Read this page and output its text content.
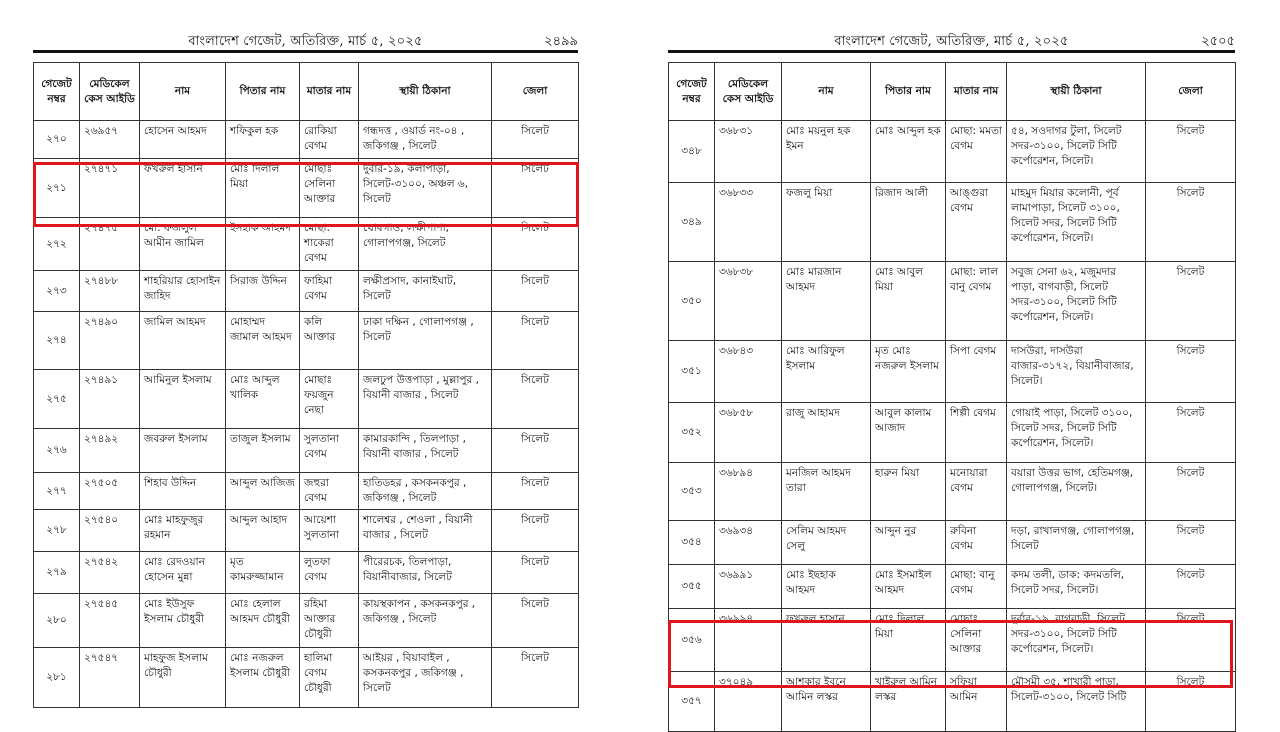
বাংলাদেশ গেজেট, অতিরিক্ত, মার্চ ৫, ২০২৫	২৪৯৯
গেজেট নম্বর	মেডিকেল কেস আইডি	নাম	পিতার নাম	মাতার নাম	স্থায়ী ঠিকানা	জেলা
২৭০	২৬৯৫৭	হোসেন আহমদ	শফিকুল হক	রোকিয়া বেগম	গন্ধদত্ত , ওয়ার্ড নং-০৪ , জকিগঞ্জ , সিলেট	সিলেট
২৭১	২৭৪৭১	ফখরুল হাসান	মোঃ দিলাল মিয়া	মোছাঃ সেলিনা আক্তার	দুর্বার-১৯, কলাপাড়া, সিলেট-৩১০০, অঞ্চল ৬, সিলেট	সিলেট
২৭২	২৭৪৭৫	মো: ফজলুল আমীন জামিল	ইসহাক আহমদ	মোছা: শাকেরা বেগম	ঘোষগাও, লক্ষীপাশা, গোলাপগঞ্জ, সিলেট	সিলেট
২৭৩	২৭৪৮৮	শাহরিয়ার হোসাইন জাহিদ	সিরাজ উদ্দিন	ফাহিমা বেগম	লক্ষীপ্রসাদ, কানাইঘাট, সিলেট	সিলেট
২৭৪	২৭৪৯০	জামিল আহমদ	মোহাম্মদ জামাল আহমদ	কলি আক্তার	ঢাকা দক্ষিন , গোলাপগঞ্জ , সিলেট	সিলেট
২৭৫	২৭৪৯১	আমিনুল ইসলাম	মোঃ আব্দুল খালিক	মোছাঃ ফয়জুন নেছা	জলঢুপ উত্তপাড়া , মুল্লাপুর , বিয়ানী বাজার , সিলেট	সিলেট
২৭৬	২৭৪৯২	জবরুল ইসলাম	তাজুল ইসলাম	সুলতানা বেগম	কামারকান্দি , তিলপাড়া , বিয়ানী বাজার , সিলেট	সিলেট
২৭৭	২৭৫০৫	শিহাব উদ্দিন	আব্দুল আজিজ	জহুরা বেগম	হাতিডহর , কসকনকপুর , জকিগঞ্জ , সিলেট	সিলেট
২৭৮	২৭৫৪০	মোঃ মাহফুজুর রহমান	আব্দুল আহাদ	আয়েশা সুলতানা	শালেশ্বর , শেওলা , বিয়ানী বাজার , সিলেট	সিলেট
২৭৯	২৭৫৪২	মোঃ রেদওয়ান হোসেন মুন্না	মৃত কামরুজ্জামান	লুতফা বেগম	পীরেরচক, তিলপাড়া, বিয়ানীবাজার, সিলেট	সিলেট
২৮০	২৭৫৪৫	মোঃ ইউসুফ ইসলাম চৌধুরী	মোঃ হেলাল আহমদ চৌধুরী	রহিমা আক্তার চৌধুরী	কায়স্থকাপন , কসকনকপুর , জকিগঞ্জ , সিলেট	সিলেট
২৮১	২৭৫৪৭	মাহফুজ ইসলাম চৌধুরী	মোঃ নজরুল ইসলাম চৌধুরী	হালিমা বেগম চৌধুরী	আইয়র , বিয়াবাইল , কসকনকপুর , জকিগঞ্জ , সিলেট	সিলেট
বাংলাদেশ গেজেট, অতিরিক্ত, মার্চ ৫, ২০২৫	২৫০৫
গেজেট নম্বর	মেডিকেল কেস আইডি	নাম	পিতার নাম	মাতার নাম	স্থায়ী ঠিকানা	জেলা
৩৪৮	৩৬৮৩১	মোঃ ময়নুল হক ইমন	মোঃ আব্দুল হক	মোছা: মমতা বেগম	৫৪, সওদাগর টুলা, সিলেট সদর-৩১০০, সিলেট সিটি কর্পোরেশন, সিলেট।	সিলেট
৩৪৯	৩৬৮৩৩	ফজলু মিয়া	রিজাদ আলী	আঙ্গুরা বেগম	মাহমুদ মিয়ার কলোনী, পূর্ব লামাপাড়া, সিলেট ৩১০০, সিলেট সদর, সিলেট সিটি কর্পোরেশন, সিলেট।	সিলেট
৩৫০	৩৬৮৩৮	মোঃ মারজান আহমদ	মোঃ আবুল মিয়া	মোছা: লাল বানু বেগম	সবুজ সেনা ৬২, মজুমদার পাড়া, বাগবাড়ী, সিলেট সদর-৩১০০, সিলেট সিটি কর্পোরেশন, সিলেট।	সিলেট
৩৫১	৩৬৮৪৩	মোঃ আরিফুল ইসলাম	মৃত মোঃ নজরুল ইসলাম	সিপা বেগম	দাসউরা, দাসউরা বাজার-৩১৭২, বিয়ানীবাজার, সিলেট।	সিলেট
৩৫২	৩৬৮৫৮	রাজু আহামদ	আবুল কালাম আজাদ	শিল্পী বেগম	গোয়াই পাড়া, সিলেট ৩১০০, সিলেট সদর, সিলেট সিটি কর্পোরেশন, সিলেট।	সিলেট
৩৫৩	৩৬৮৯৪	মনজিল আহমদ তারা	হারুন মিয়া	মনোয়ারা বেগম	বয়ারা উত্তর ভাগ, হেতিমগঞ্জ, গোলাপগঞ্জ, সিলেট।	সিলেট
৩৫৪	৩৬৯৩৪	সেলিম আহমদ সেলু	আব্দুন নুর	রুবিনা বেগম	দড়া, রাখালগঞ্জ, গোলাপগঞ্জ, সিলেট	সিলেট
৩৫৫	৩৬৯৯১	মোঃ ইছহাক আহমদ	মোঃ ইসমাইল আহমদ	মোছা: বানু বেগম	কদম তলী, ডাক: কদমতলি, সিলেট সদর, সিলেট।	সিলেট
৩৫৬	৩৬৯৯৪	ফখরুল হাসান	মোঃ দিলাল মিয়া	মোছাঃ সেলিনা আক্তার	দুর্বার-১৯, বাগবাড়ী, সিলেট সদর-৩১০০, সিলেট সিটি কর্পোরেশন, সিলেট।	সিলেট
৩৫৭	৩৭০৪৯	আশকার ইবনে আমিন লস্কর	খাইরুল আমিন লস্কর	সুফিয়া আমিন	মৌসুমী ৩৫, শাখারী পাড়া, সিলেট-৩১০০, সিলেট সিটি	সিলেট
